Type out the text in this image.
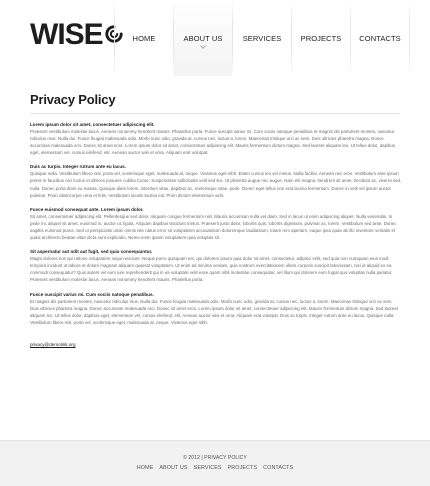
WISE	HOME	ABOUT US	SERVICES	PROJECTS CONTACTS
Privacy Policy
Lorem ipsum dolor sit amet, consectetuer adipiscing elit.
Praesent vestibulum molestie lacus. Aenean nonummy hendrerit mauris. Phasellus porta. Fusce suscipit varius mi. Cum sociis natoque penatibus et magnis dis parturient montes, nascetur ridiculus mus. Nulla dui. Fusce feugiat malesuada odio. Morbi nunc odio, gravida at, cursus nec, luctus a, lorem. Maecenas tristique orci ac sem. Duis ultricies pharetra magna. Donec accumsan malesuada orci. Donec sit amet eros. Lorem ipsum dolor sit amet, consectetuer adipiscing elit. Mauris fermentum dictum magna. Sed laoreet aliquam leo. Ut tellus dolor, dapibus eget, elementum vel, cursus eleifend, elit. Aenean auctor wisi et urna. Aliquam erat volutpat.
Duis ac turpis. Integer rutrum ante eu lacus.
Quisque nulla. Vestibulum libero nisl, porta vel, scelerisque eget, malesuada at, neque. Vivamus eget nibh. Etiam cursus leo vel metus. Nulla facilisi. Aenean nec eros. Vestibulum ante ipsum primis in faucibus orci luctus et ultrices posuere cubilia Curae; Suspendisse sollicitudin velit sed leo. Ut pharetra augue nec augue. Nam elit magna, hendrerit sit amet, tincidunt ac, viverra sed, nulla. Donec porta diam eu massa. Quisque diam lorem, interdum vitae, dapibus ac, scelerisque vitae, pede. Donec eget tellus non erat lacinia fermentum. Donec in velit vel ipsum auctor pulvinar. Proin ullamcorper urna et felis. Vestibulum iaculis lacinia est. Proin dictum elementum velit.
Fusce euismod consequat ante. Lorem ipsum dolor.
Sit amet, consectetuer adipiscing elit. Pellentesque sed dolor. Aliquam congue fermentum nisl. Mauris accumsan nulla vel diam. Sed in lacus ut enim adipiscing aliquet. Nulla venenatis. In pede mi, aliquet sit amet, euismod in, auctor ut, ligula. Aliquam dapibus tincidunt metus. Praesent justo dolor, lobortis quis, lobortis dignissim, pulvinar ac, lorem. Vestibulum sed ante. Donec sagittis euismod purus. Sed ut perspiciatis unde omnis iste natus error sit voluptatem accusantium doloremque laudantium, totam rem aperiam, eaque ipsa quae ab illo inventore veritatis et quasi architecto beatae vitae dicta sunt explicabo. Nemo enim ipsam voluptatem quia voluptas sit.
Sit aspernatur aut odit aut fugit, sed quia consequuntur.
Magni dolores eos qui ratione voluptatem sequi nesciunt. Neque porro quisquam est, qui dolorem ipsum quia dolor sit amet, consectetur, adipisci velit, sed quia non numquam eius modi tempora incidunt ut labore et dolore magnam aliquam quaerat voluptatem. Ut enim ad minima veniam, quis nostrum exercitationem ullam corporis suscipit laboriosam, nisi ut aliquid ex ea commodi consequatur? Quis autem vel eum iure reprehenderit qui in ea voluptate velit esse quam nihil molestiae consequatur, vel illum qui dolorem eum fugiat quo voluptas nulla pariatur. Praesent vestibulum molestie lacus. Aenean nonummy hendrerit mauris. Phasellus porta.
Fusce suscipit varius mi. Cum sociis natoque penatibus.
Et magnis dis parturient montes, nascetur ridiculus mus. Nulla dui. Fusce feugiat malesuada odio. Morbi nunc odio, gravida at, cursus nec, luctus a, lorem. Maecenas tristique orci ac sem. Duis ultricies pharetra magna. Donec accumsan malesuada orci. Donec sit amet eros. Lorem ipsum dolor sit amet, consectetuer adipiscing elit. Mauris fermentum dictum magna. Sed laoreet aliquam leo. Ut tellus dolor, dapibus eget, elementum vel, cursus eleifend, elit. Aenean auctor wisi et urna. Aliquam erat volutpat. Duis ac turpis. Integer rutrum ante eu lacus. Quisque nulla. Vestibulum libero nisl, porta vel, scelerisque eget, malesuada at, neque. Vivamus eget nibh.
privacy@demolink.org
© 2012 | PRIVACY POLICY
HOME	ABOUT US	SERVICES	PROJECTS	CONTACTS
